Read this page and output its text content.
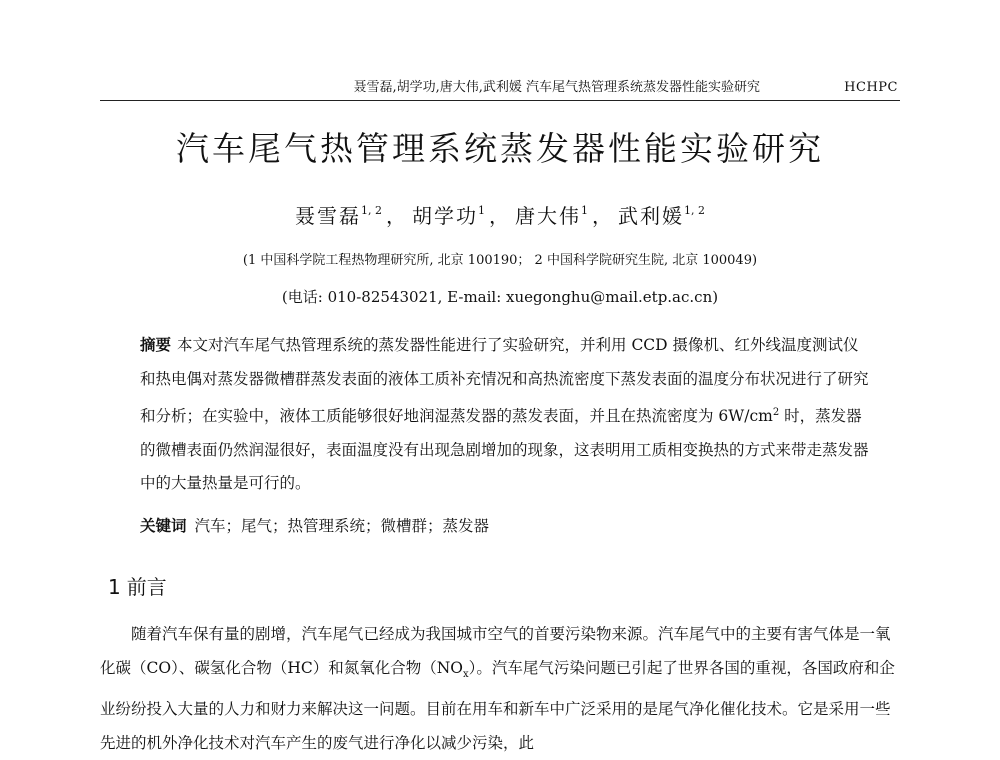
聂雪磊,胡学功,唐大伟,武利媛 汽车尾气热管理系统蒸发器性能实验研究	HCHPC
汽车尾气热管理系统蒸发器性能实验研究
聂雪磊$^{1, 2}$ ， 胡学功$^1$ ， 唐大伟$^1$ ， 武利媛$^{1, 2}$
(1 中国科学院工程热物理研究所, 北京 100190； 2 中国科学院研究生院, 北京 100049)
(电话: 010-82543021, E-mail: xuegonghu@mail.etp.ac.cn)
摘要 本文对汽车尾气热管理系统的蒸发器性能进行了实验研究，并利用 CCD 摄像机、红外线温度测试仪和热电偶对蒸发器微槽群蒸发表面的液体工质补充情况和高热流密度下蒸发表面的温度分布状况进行了研究和分析；在实验中，液体工质能够很好地润湿蒸发器的蒸发表面，并且在热流密度为 $6W/cm^2$ 时，蒸发器的微槽表面仍然润湿很好，表面温度没有出现急剧增加的现象，这表明用工质相变换热的方式来带走蒸发器中的大量热量是可行的。
关键词 汽车；尾气；热管理系统；微槽群；蒸发器
1 前言
随着汽车保有量的剧增，汽车尾气已经成为我国城市空气的首要污染物来源。汽车尾气中的主要有害气体是一氧化碳（CO）、碳氢化合物（HC）和氮氧化合物$(NO_x)$。汽车尾气污染问题已引起了世界各国的重视，各国政府和企业纷纷投入大量的人力和财力来解决这一问题。目前在用车和新车中广泛采用的是尾气净化催化技术。它是采用一些先进的机外净化技术对汽车产生的废气进行净化以减少污染，此
